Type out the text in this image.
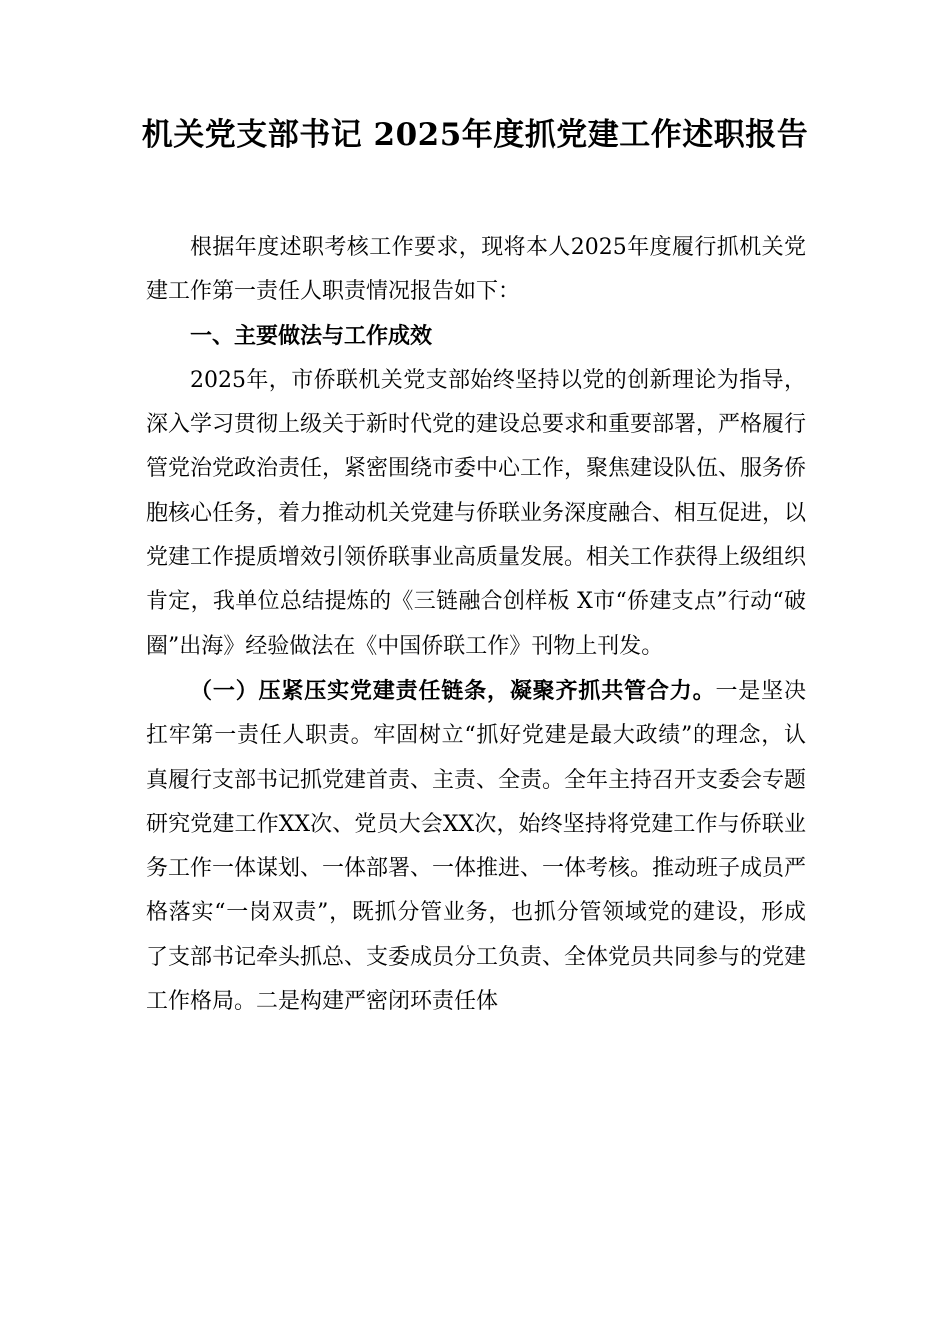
机关党支部书记 2025年度抓党建工作述职报告

根据年度述职考核工作要求，现将本人2025年度履行抓机关党建工作第一责任人职责情况报告如下：

一、主要做法与工作成效

2025年，市侨联机关党支部始终坚持以党的创新理论为指导，深入学习贯彻上级关于新时代党的建设总要求和重要部署，严格履行管党治党政治责任，紧密围绕市委中心工作，聚焦建设队伍、服务侨胞核心任务，着力推动机关党建与侨联业务深度融合、相互促进，以党建工作提质增效引领侨联事业高质量发展。相关工作获得上级组织肯定，我单位总结提炼的《三链融合创样板 X市“侨建支点”行动“破圈”出海》经验做法在《中国侨联工作》刊物上刊发。

（一）压紧压实党建责任链条，凝聚齐抓共管合力。一是坚决扛牢第一责任人职责。牢固树立“抓好党建是最大政绩”的理念，认真履行支部书记抓党建首责、主责、全责。全年主持召开支委会专题研究党建工作XX次、党员大会XX次，始终坚持将党建工作与侨联业务工作一体谋划、一体部署、一体推进、一体考核。推动班子成员严格落实“一岗双责”，既抓分管业务，也抓分管领域党的建设，形成了支部书记牵头抓总、支委成员分工负责、全体党员共同参与的党建工作格局。二是构建严密闭环责任体
